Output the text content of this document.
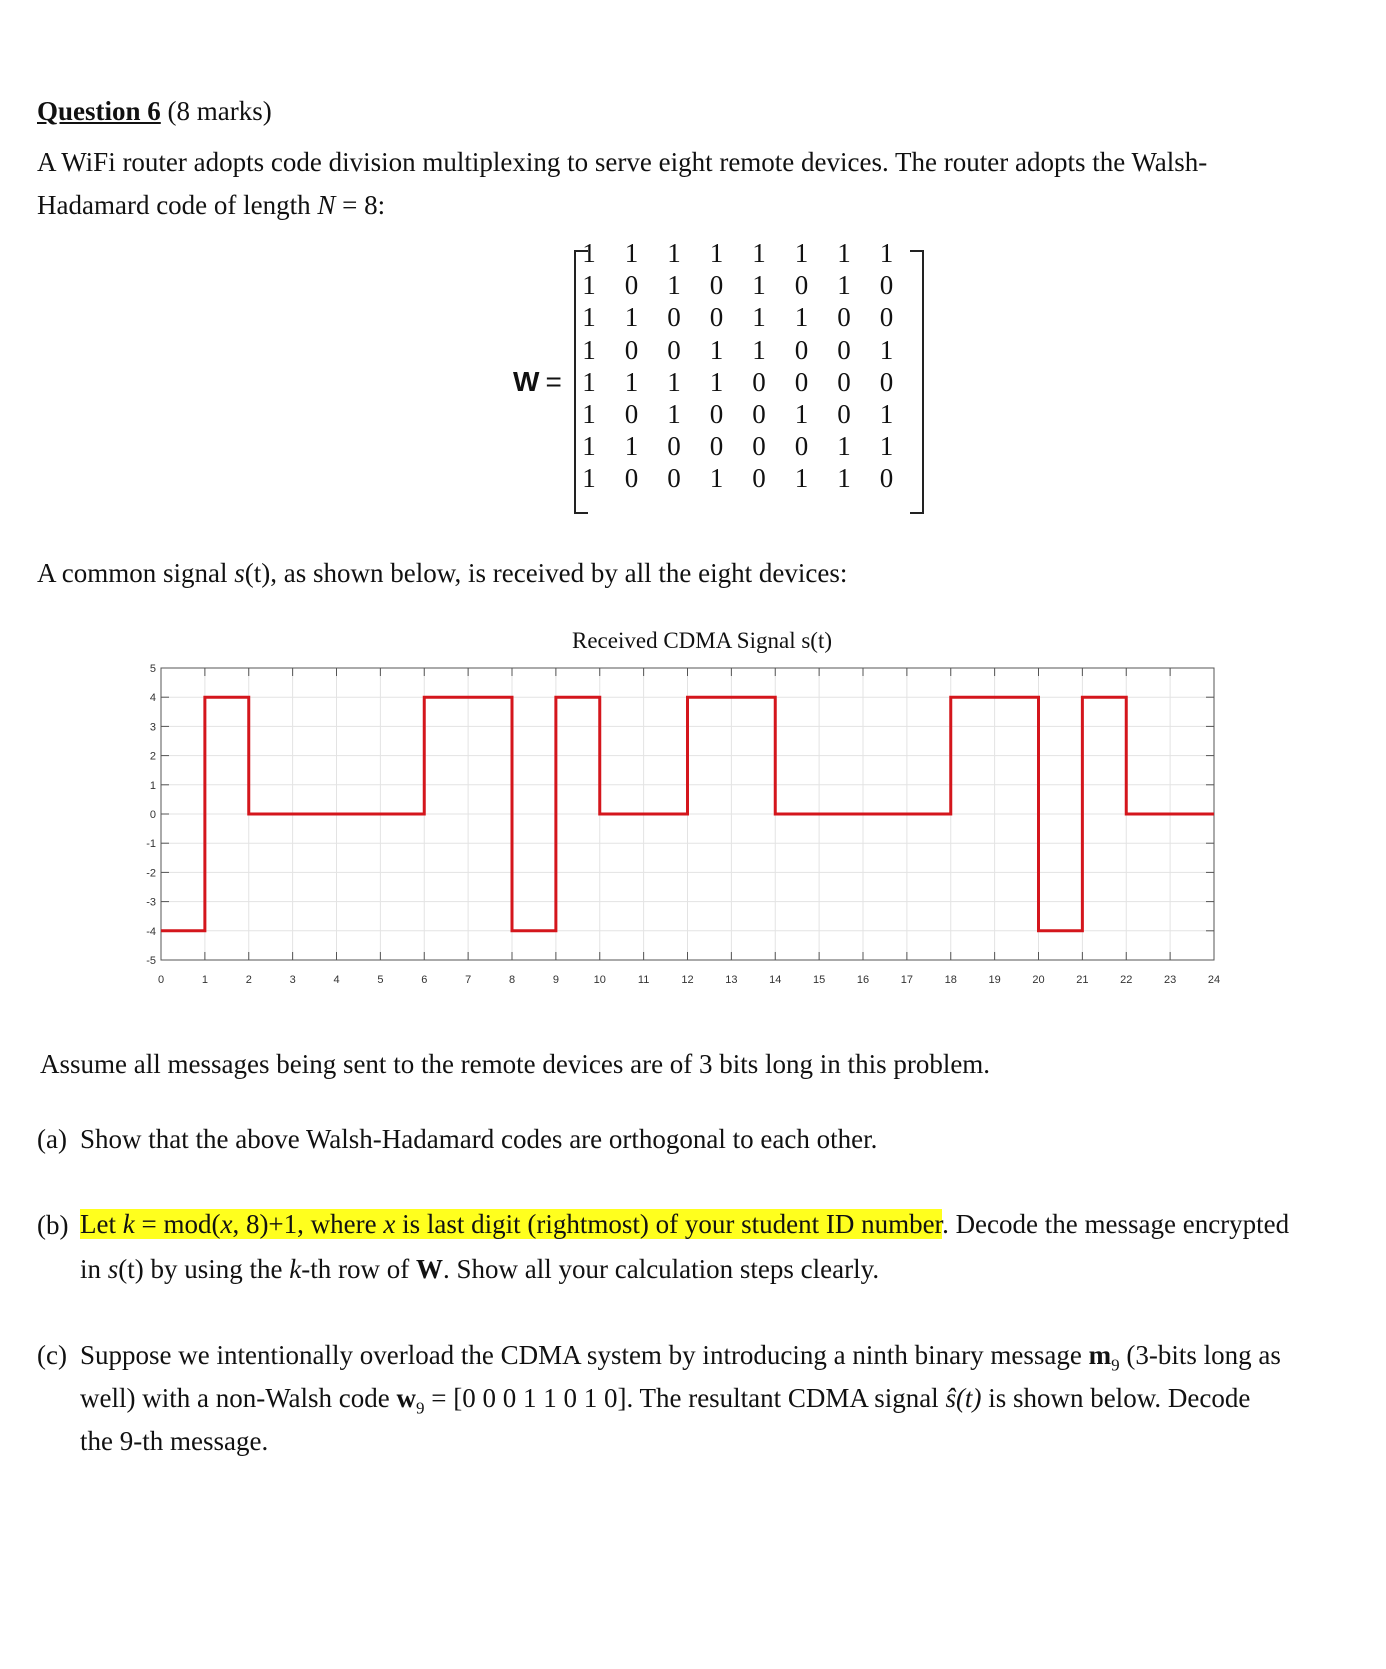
Question 6 (8 marks)
A WiFi router adopts code division multiplexing to serve eight remote devices. The router adopts the Walsh-
Hadamard code of length N = 8:
W =
1	1	1	1	1	1	1	1
1	0	1	0	1	0	1	0
1	1	0	0	1	1	0	0
1	0	0	1	1	0	0	1
1	1	1	1	0	0	0	0
1	0	1	0	0	1	0	1
1	1	0	0	0	0	1	1
1	0	0	1	0	1	1	0
A common signal s(t), as shown below, is received by all the eight devices:
Received CDMA Signal s(t)
0	1	2	3	4	5	6	7	8	9	10	11	12	13	14	15	16	17	18	19	20	21	22	23	24
5
4
3
2
1
0
-1
-2
-3
-4
-5
Assume all messages being sent to the remote devices are of 3 bits long in this problem.
(a) Show that the above Walsh-Hadamard codes are orthogonal to each other.
(b) Let k = mod(x, 8)+1, where x is last digit (rightmost) of your student ID number. Decode the message encrypted
in s(t) by using the k-th row of W. Show all your calculation steps clearly.
(c) Suppose we intentionally overload the CDMA system by introducing a ninth binary message $m_9$ (3-bits long as
well) with a non-Walsh code $w_9 = [0$ 0 0 1 1 0 1 0]. The resultant CDMA signal ŝ(t) is shown below. Decode
the 9-th message.
